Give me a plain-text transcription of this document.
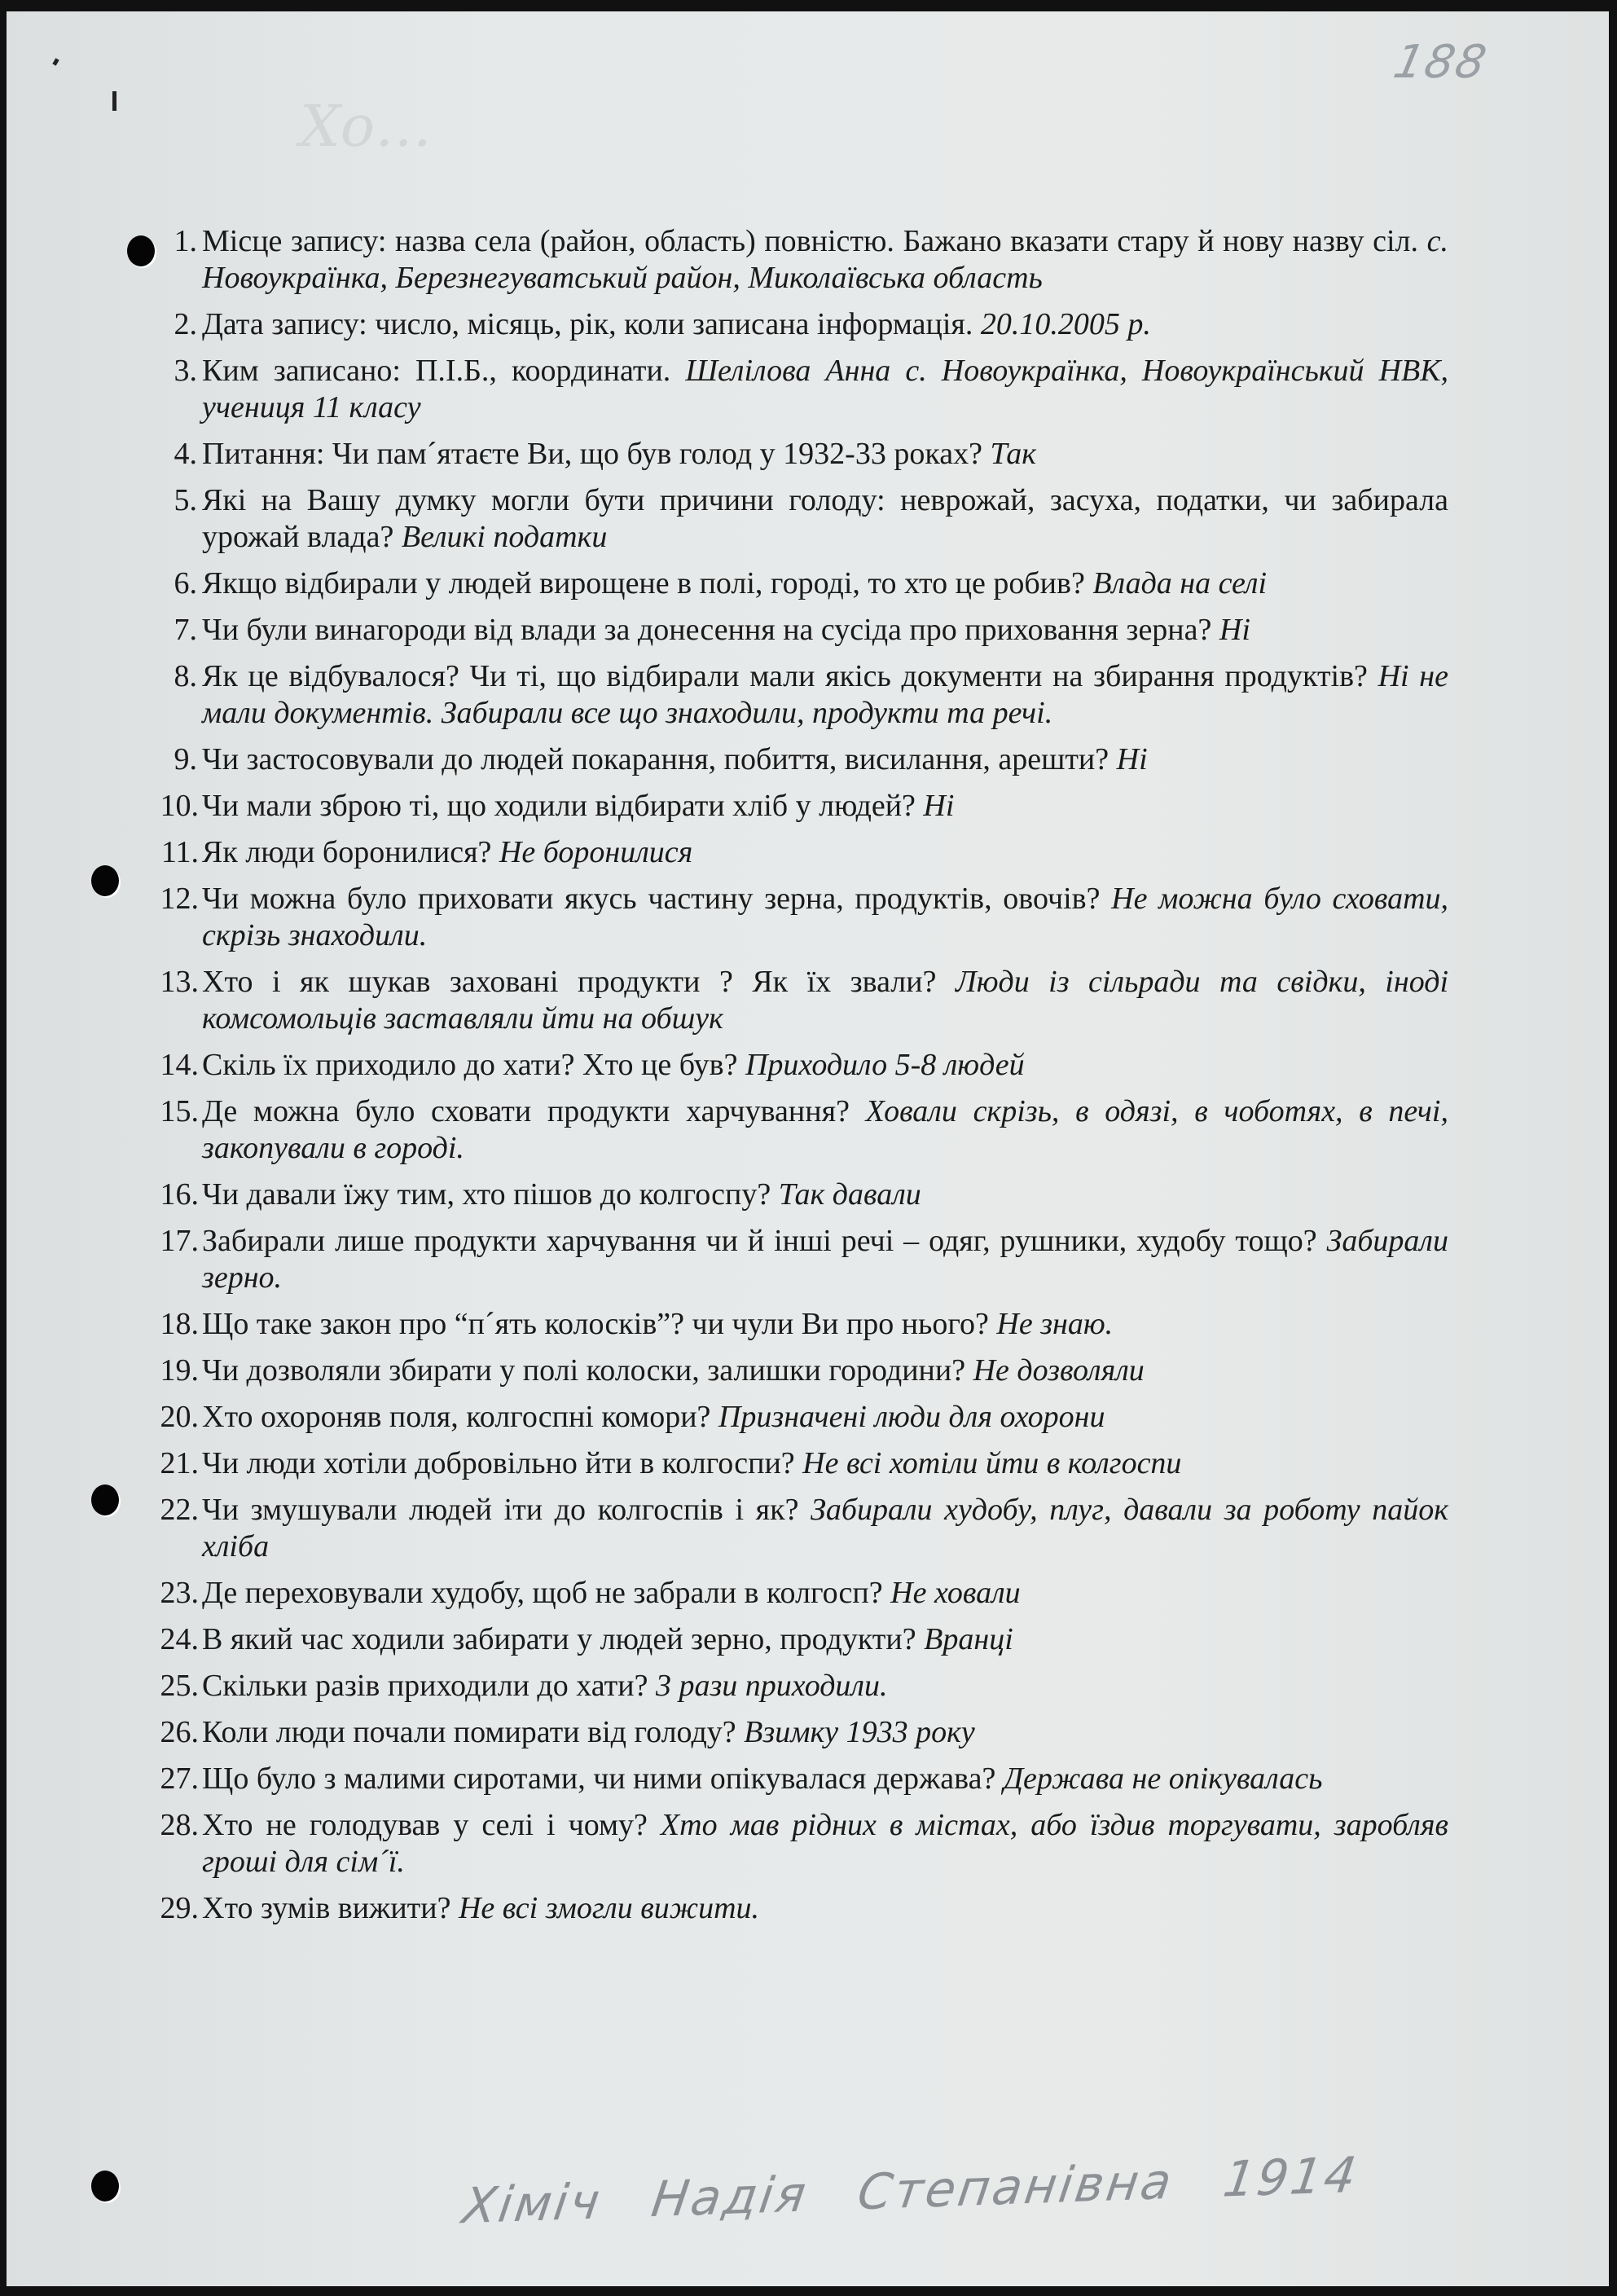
188
Хо…
1. Місце запису: назва села (район, область) повністю. Бажано вказати стару й нову назву сіл. с. Новоукраїнка, Березнегуватський район, Миколаївська область
2. Дата запису: число, місяць, рік, коли записана інформація. 20.10.2005 р.
3. Ким записано: П.І.Б., координати. Шелілова Анна с. Новоукраїнка, Новоукраїнський НВК, учениця 11 класу
4. Питання: Чи пам´ятаєте Ви, що був голод у 1932-33 роках? Так
5. Які на Вашу думку могли бути причини голоду: неврожай, засуха, податки, чи забирала урожай влада? Великі податки
6. Якщо відбирали у людей вирощене в полі, городі, то хто це робив? Влада на селі
7. Чи були винагороди від влади за донесення на сусіда про приховання зерна? Ні
8. Як це відбувалося? Чи ті, що відбирали мали якісь документи на збирання продуктів? Ні не мали документів. Забирали все що знаходили, продукти та речі.
9. Чи застосовували до людей покарання, побиття, висилання, арешти? Ні
10. Чи мали зброю ті, що ходили відбирати хліб у людей? Ні
11. Як люди боронилися? Не боронилися
12. Чи можна було приховати якусь частину зерна, продуктів, овочів? Не можна було сховати, скрізь знаходили.
13. Хто і як шукав заховані продукти ? Як їх звали? Люди із сільради та свідки, іноді комсомольців заставляли йти на обшук
14. Скіль їх приходило до хати? Хто це був? Приходило 5-8 людей
15. Де можна було сховати продукти харчування? Ховали скрізь, в одязі, в чоботях, в печі, закопували в городі.
16. Чи давали їжу тим, хто пішов до колгоспу? Так давали
17. Забирали лише продукти харчування чи й інші речі – одяг, рушники, худобу тощо? Забирали зерно.
18. Що таке закон про “п´ять колосків”? чи чули Ви про нього? Не знаю.
19. Чи дозволяли збирати у полі колоски, залишки городини? Не дозволяли
20. Хто охороняв поля, колгоспні комори? Призначені люди для охорони
21. Чи люди хотіли добровільно йти в колгоспи? Не всі хотіли йти в колгоспи
22. Чи змушували людей іти до колгоспів і як? Забирали худобу, плуг, давали за роботу пайок хліба
23. Де переховували худобу, щоб не забрали в колгосп? Не ховали
24. В який час ходили забирати у людей зерно, продукти? Вранці
25. Скільки разів приходили до хати? 3 рази приходили.
26. Коли люди почали помирати від голоду? Взимку 1933 року
27. Що було з малими сиротами, чи ними опікувалася держава? Держава не опікувалась
28. Хто не голодував у селі і чому? Хто мав рідних в містах, або їздив торгувати, заробляв гроші для сім´ї.
29. Хто зумів вижити? Не всі змогли вижити.
Хіміч Надія Степанівна 1914
